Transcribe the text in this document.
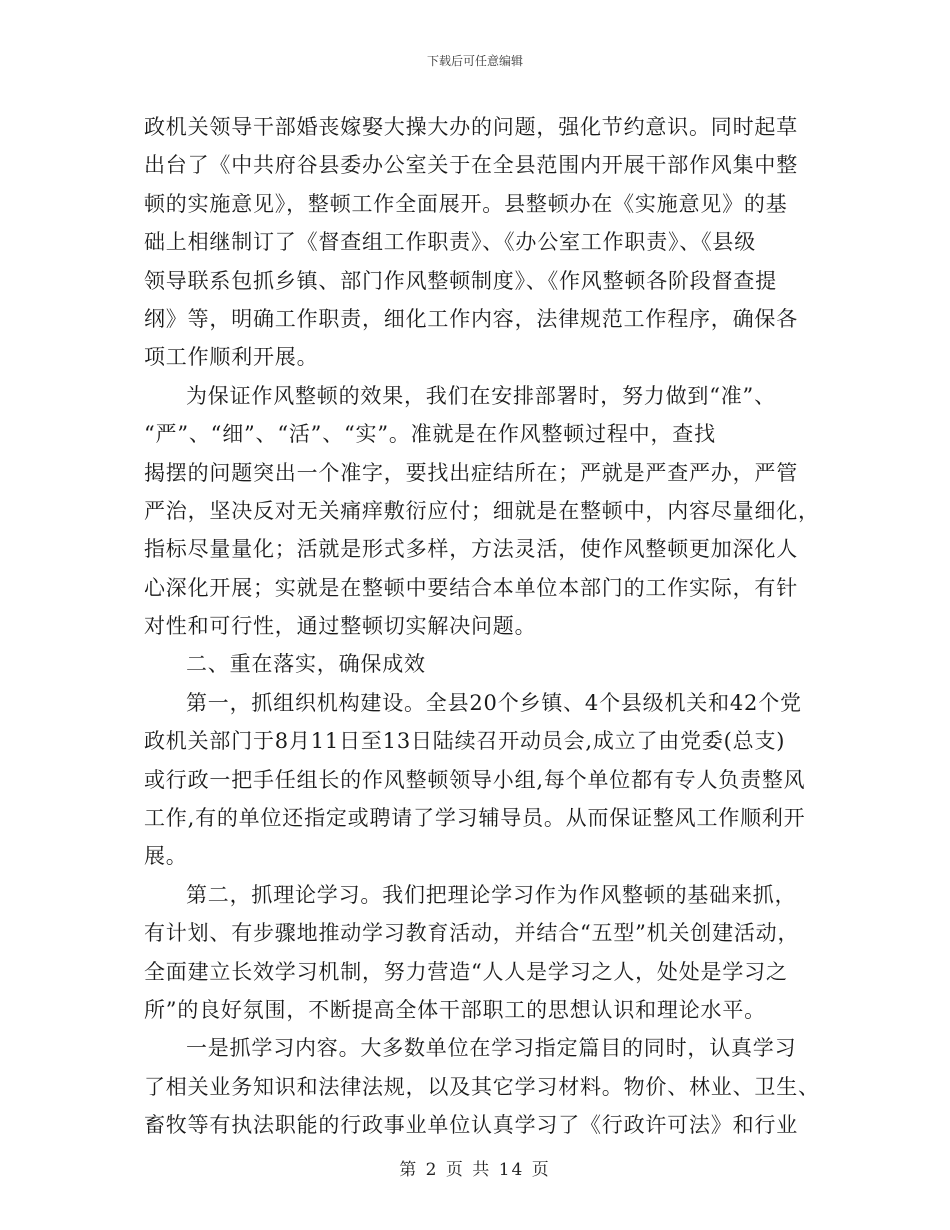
下载后可任意编辑
政机关领导干部婚丧嫁娶大操大办的问题，强化节约意识。同时起草
出台了《中共府谷县委办公室关于在全县范围内开展干部作风集中整
顿的实施意见》，整顿工作全面展开。县整顿办在《实施意见》的基
础上相继制订了《督查组工作职责》、《办公室工作职责》、《县级
领导联系包抓乡镇、部门作风整顿制度》、《作风整顿各阶段督查提
纲》等，明确工作职责，细化工作内容，法律规范工作程序，确保各
项工作顺利开展。
为保证作风整顿的效果，我们在安排部署时，努力做到“准”、
“严”、“细”、“活”、“实”。准就是在作风整顿过程中，查找
揭摆的问题突出一个准字，要找出症结所在；严就是严查严办，严管
严治，坚决反对无关痛痒敷衍应付；细就是在整顿中，内容尽量细化，
指标尽量量化；活就是形式多样，方法灵活，使作风整顿更加深化人
心深化开展；实就是在整顿中要结合本单位本部门的工作实际，有针
对性和可行性，通过整顿切实解决问题。
二、重在落实，确保成效
第一，抓组织机构建设。全县20个乡镇、4个县级机关和42个党
政机关部门于8月11日至13日陆续召开动员会,成立了由党委(总支)
或行政一把手任组长的作风整顿领导小组,每个单位都有专人负责整风
工作,有的单位还指定或聘请了学习辅导员。从而保证整风工作顺利开
展。
第二，抓理论学习。我们把理论学习作为作风整顿的基础来抓，
有计划、有步骤地推动学习教育活动，并结合“五型”机关创建活动，
全面建立长效学习机制，努力营造“人人是学习之人，处处是学习之
所”的良好氛围，不断提高全体干部职工的思想认识和理论水平。
一是抓学习内容。大多数单位在学习指定篇目的同时，认真学习
了相关业务知识和法律法规，以及其它学习材料。物价、林业、卫生、
畜牧等有执法职能的行政事业单位认真学习了《行政许可法》和行业
第 2 页 共 14 页
